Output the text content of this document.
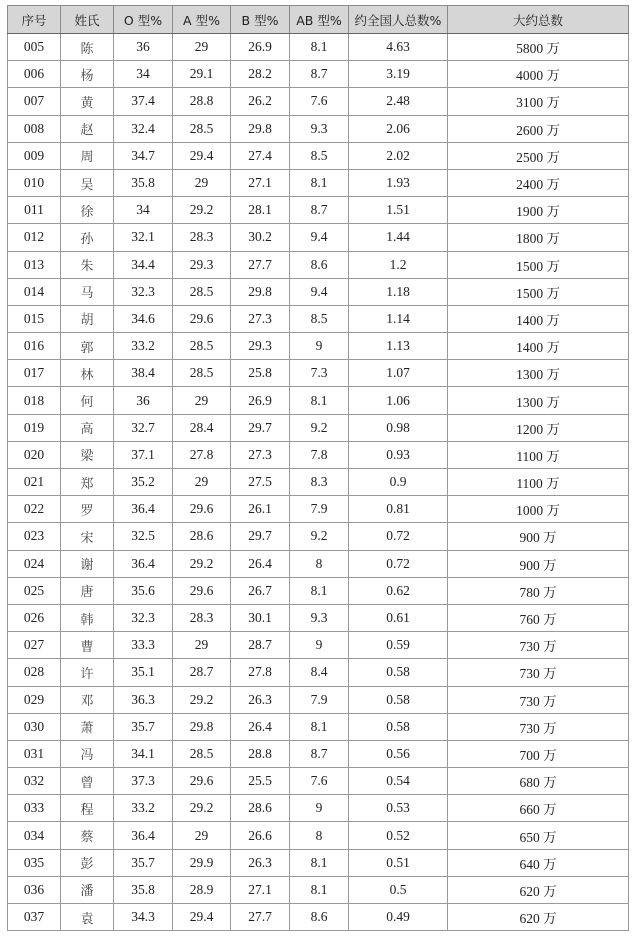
序号	姓氏	O 型%	A 型%	B 型%	AB 型%	约全国人总数%	大约总数
005	陈	36	29	26.9	8.1	4.63	5800 万
006	杨	34	29.1	28.2	8.7	3.19	4000 万
007	黄	37.4	28.8	26.2	7.6	2.48	3100 万
008	赵	32.4	28.5	29.8	9.3	2.06	2600 万
009	周	34.7	29.4	27.4	8.5	2.02	2500 万
010	吴	35.8	29	27.1	8.1	1.93	2400 万
011	徐	34	29.2	28.1	8.7	1.51	1900 万
012	孙	32.1	28.3	30.2	9.4	1.44	1800 万
013	朱	34.4	29.3	27.7	8.6	1.2	1500 万
014	马	32.3	28.5	29.8	9.4	1.18	1500 万
015	胡	34.6	29.6	27.3	8.5	1.14	1400 万
016	郭	33.2	28.5	29.3	9	1.13	1400 万
017	林	38.4	28.5	25.8	7.3	1.07	1300 万
018	何	36	29	26.9	8.1	1.06	1300 万
019	高	32.7	28.4	29.7	9.2	0.98	1200 万
020	梁	37.1	27.8	27.3	7.8	0.93	1100 万
021	郑	35.2	29	27.5	8.3	0.9	1100 万
022	罗	36.4	29.6	26.1	7.9	0.81	1000 万
023	宋	32.5	28.6	29.7	9.2	0.72	900 万
024	谢	36.4	29.2	26.4	8	0.72	900 万
025	唐	35.6	29.6	26.7	8.1	0.62	780 万
026	韩	32.3	28.3	30.1	9.3	0.61	760 万
027	曹	33.3	29	28.7	9	0.59	730 万
028	许	35.1	28.7	27.8	8.4	0.58	730 万
029	邓	36.3	29.2	26.3	7.9	0.58	730 万
030	萧	35.7	29.8	26.4	8.1	0.58	730 万
031	冯	34.1	28.5	28.8	8.7	0.56	700 万
032	曾	37.3	29.6	25.5	7.6	0.54	680 万
033	程	33.2	29.2	28.6	9	0.53	660 万
034	蔡	36.4	29	26.6	8	0.52	650 万
035	彭	35.7	29.9	26.3	8.1	0.51	640 万
036	潘	35.8	28.9	27.1	8.1	0.5	620 万
037	袁	34.3	29.4	27.7	8.6	0.49	620 万
